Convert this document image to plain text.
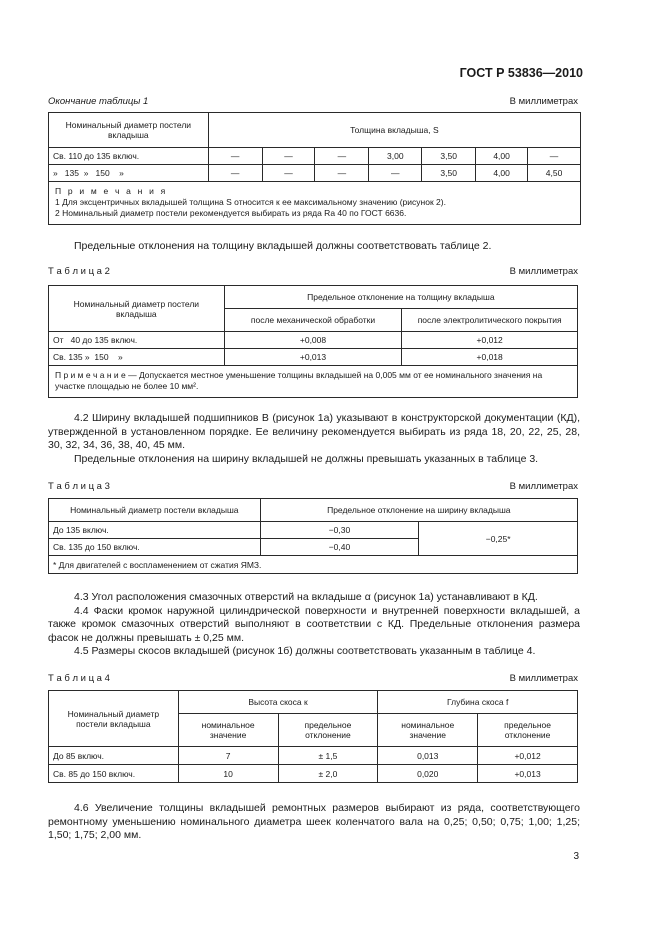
ГОСТ Р 53836—2010
Окончание таблицы 1	В миллиметрах
Номинальный диаметр постели вкладыша	Толщина вкладыша, S						
Св. 110 до 135 включ.	—	—	—	3,00	3,50	4,00	—
»   135  »   150    »	—	—	—	—	3,50	4,00	4,50

П р и м е ч а н и я
1 Для эксцентричных вкладышей толщина S относится к ее максимальному значению (рисунок 2).
2 Номинальный диаметр постели рекомендуется выбирать из ряда Ra 40 по ГОСТ 6636.							

Предельные отклонения на толщину вкладышей должны соответствовать таблице 2.

Т а б л и ц а 2	В миллиметрах
Номинальный диаметр постели вкладыша	Предельное отклонение на толщину вкладыша	
	после механической обработки	после электролитического покрытия
От   40 до 135 включ.	+0,008	+0,012
Св. 135 »  150    »	+0,013	+0,018
П р и м е ч а н и е — Допускается местное уменьшение толщины вкладышей на 0,005 мм от ее номинального значения на участке площадью не более 10 мм².		

4.2 Ширину вкладышей подшипников B (рисунок 1а) указывают в конструкторской документации (КД), утвержденной в установленном порядке. Ее величину рекомендуется выбирать из ряда 18, 20, 22, 25, 28, 30, 32, 34, 36, 38, 40, 45 мм.

Предельные отклонения на ширину вкладышей не должны превышать указанных в таблице 3.

Т а б л и ц а 3	В миллиметрах
Номинальный диаметр постели вкладыша	Предельное отклонение на ширину вкладыша	
До 135 включ.	−0,30	−0,25*
Св. 135 до 150 включ.	−0,40	
* Для двигателей с воспламенением от сжатия ЯМЗ.		

4.3 Угол расположения смазочных отверстий на вкладыше α (рисунок 1а) устанавливают в КД.

4.4 Фаски кромок наружной цилиндрической поверхности и внутренней поверхности вкладышей, а также кромок смазочных отверстий выполняют в соответствии с КД. Предельные отклонения размера фасок не должны превышать ± 0,25 мм.

4.5 Размеры скосов вкладышей (рисунок 1б) должны соответствовать указанным в таблице 4.

Т а б л и ц а 4	В миллиметрах
Номинальный диаметр постели вкладыша	Высота скоса к		Глубина скоса f	
	номинальное значение	предельное отклонение	номинальное значение	предельное отклонение
До 85 включ.	7	± 1,5	0,013	+0,012
Св. 85 до 150 включ.	10	± 2,0	0,020	+0,013

4.6 Увеличение толщины вкладышей ремонтных размеров выбирают из ряда, соответствующего ремонтному уменьшению номинального диаметра шеек коленчатого вала на 0,25; 0,50; 0,75; 1,00; 1,25; 1,50; 1,75; 2,00 мм.

3
